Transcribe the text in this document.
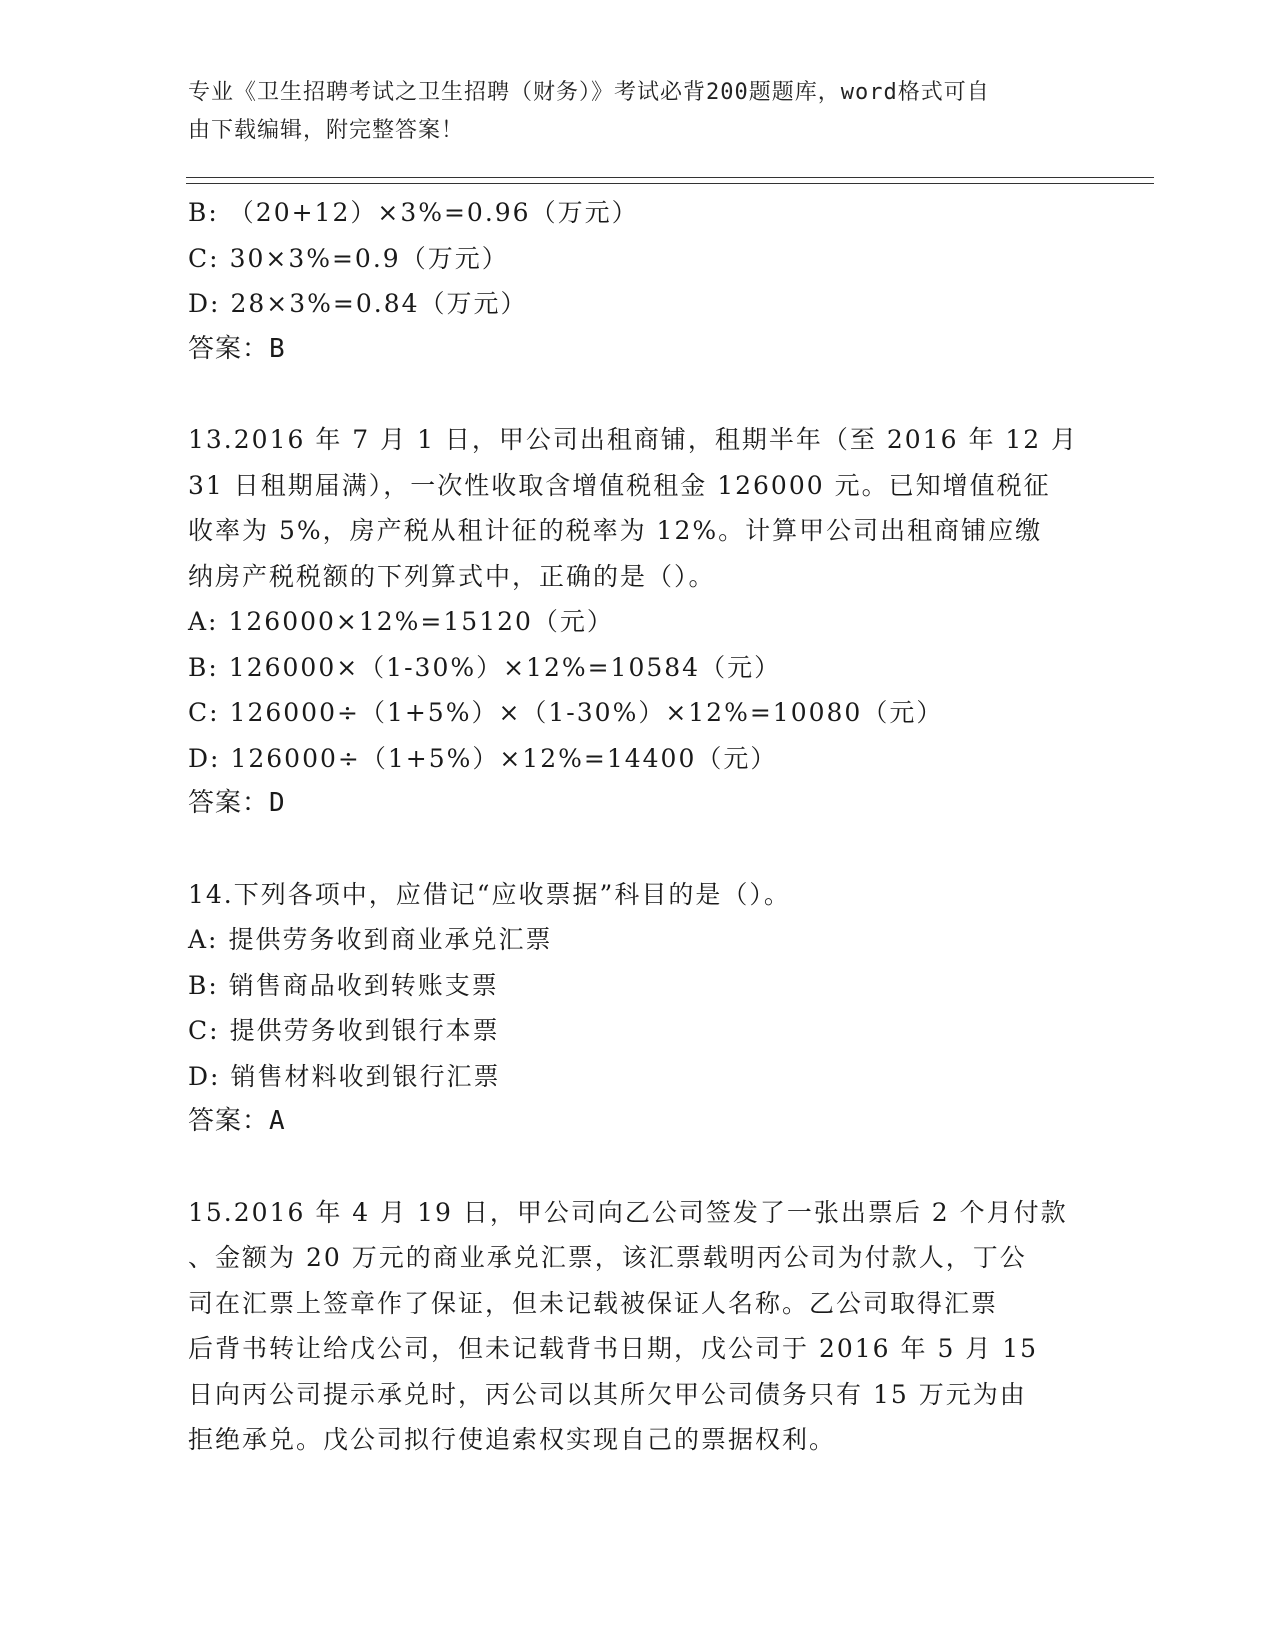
专业《卫生招聘考试之卫生招聘（财务）》考试必背200题题库，word格式可自
由下载编辑，附完整答案！
B: （20+12）×3%=0.96（万元）
C: 30×3%=0.9（万元）
D: 28×3%=0.84（万元）
答案：B
13.2016 年 7 月 1 日，甲公司出租商铺，租期半年（至 2016 年 12 月
31 日租期届满），一次性收取含增值税租金 126000 元。已知增值税征
收率为 5%，房产税从租计征的税率为 12%。计算甲公司出租商铺应缴
纳房产税税额的下列算式中，正确的是（）。
A: 126000×12%=15120（元）
B: 126000×（1-30%）×12%=10584（元）
C: 126000÷（1+5%）×（1-30%）×12%=10080（元）
D: 126000÷（1+5%）×12%=14400（元）
答案：D
14.下列各项中，应借记“应收票据”科目的是（）。
A: 提供劳务收到商业承兑汇票
B: 销售商品收到转账支票
C: 提供劳务收到银行本票
D: 销售材料收到银行汇票
答案：A
15.2016 年 4 月 19 日，甲公司向乙公司签发了一张出票后 2 个月付款
、金额为 20 万元的商业承兑汇票，该汇票载明丙公司为付款人，丁公
司在汇票上签章作了保证，但未记载被保证人名称。乙公司取得汇票
后背书转让给戊公司，但未记载背书日期，戊公司于 2016 年 5 月 15
日向丙公司提示承兑时，丙公司以其所欠甲公司债务只有 15 万元为由
拒绝承兑。戊公司拟行使追索权实现自己的票据权利。
